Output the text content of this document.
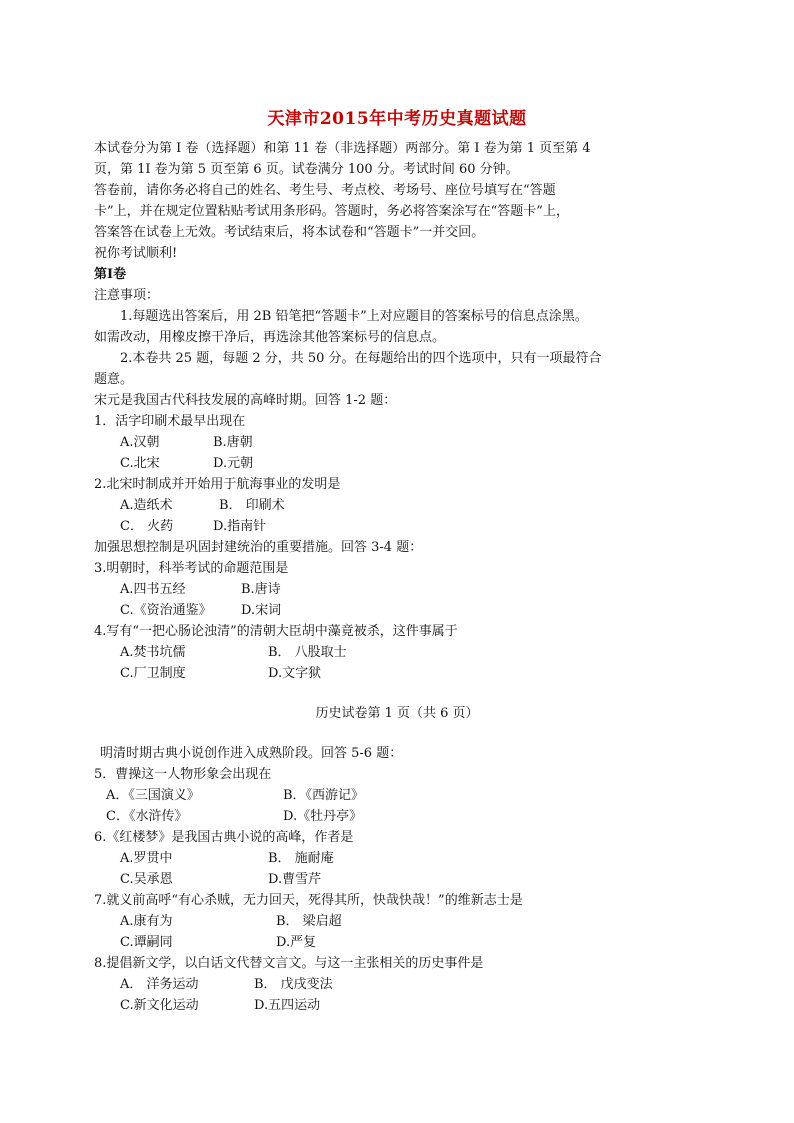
天津市2015年中考历史真题试题
本试卷分为第 I 卷（选择题）和第 11 卷（非选择题）两部分。第 I 卷为第 1 页至第 4
页，第 1I 卷为第 5 页至第 6 页。试卷满分 100 分。考试时间 60 分钟。
答卷前，请你务必将自己的姓名、考生号、考点校、考场号、座位号填写在“答题
卡”上，并在规定位置粘贴考试用条形码。答题时，务必将答案涂写在“答题卡”上，
答案答在试卷上无效。考试结束后，将本试卷和“答题卡”一并交回。
祝你考试顺利!
第Ⅰ卷
注意事项：
1.每题选出答案后，用 2B 铅笔把“答题卡”上对应题目的答案标号的信息点涂黑。
如需改动，用橡皮擦干净后，再选涂其他答案标号的信息点。
2.本卷共 25 题，每题 2 分，共 50 分。在每题给出的四个选项中，只有一项最符合
题意。
宋元是我国古代科技发展的高峰时期。回答 1-2 题：
1．活字印刷术最早出现在
A.汉朝	B.唐朝
C.北宋	D.元朝
2.北宋时制成并开始用于航海事业的发明是
A.造纸术	B． 印刷术
C． 火药	D.指南针
加强思想控制是巩固封建统治的重要措施。回答 3-4 题：
3.明朝时，科举考试的命题范围是
A.四书五经	B.唐诗
C.《资治通鉴》 D.宋词
4.写有“一把心肠论浊清”的清朝大臣胡中藻竟被杀，这件事属于
A.焚书坑儒	B． 八股取士
C.厂卫制度	D.文字狱
历史试卷第 1 页（共 6 页）
明清时期古典小说创作进入成熟阶段。回答 5-6 题：
5．曹操这一人物形象会出现在
A．《三国演义》	B．《西游记》
C．《水浒传》	D.《牡丹亭》
6.《红楼梦》是我国古典小说的高峰，作者是
A.罗贯中	B． 施耐庵
C.吴承恩	D.曹雪芹
7.就义前高呼“有心杀贼，无力回天，死得其所，快哉快哉！”的维新志士是
A.康有为	B． 梁启超
C.谭嗣同	D.严复
8.提倡新文学，以白话文代替文言文。与这一主张相关的历史事件是
A． 洋务运动	B． 戊戌变法
C.新文化运动	D.五四运动
